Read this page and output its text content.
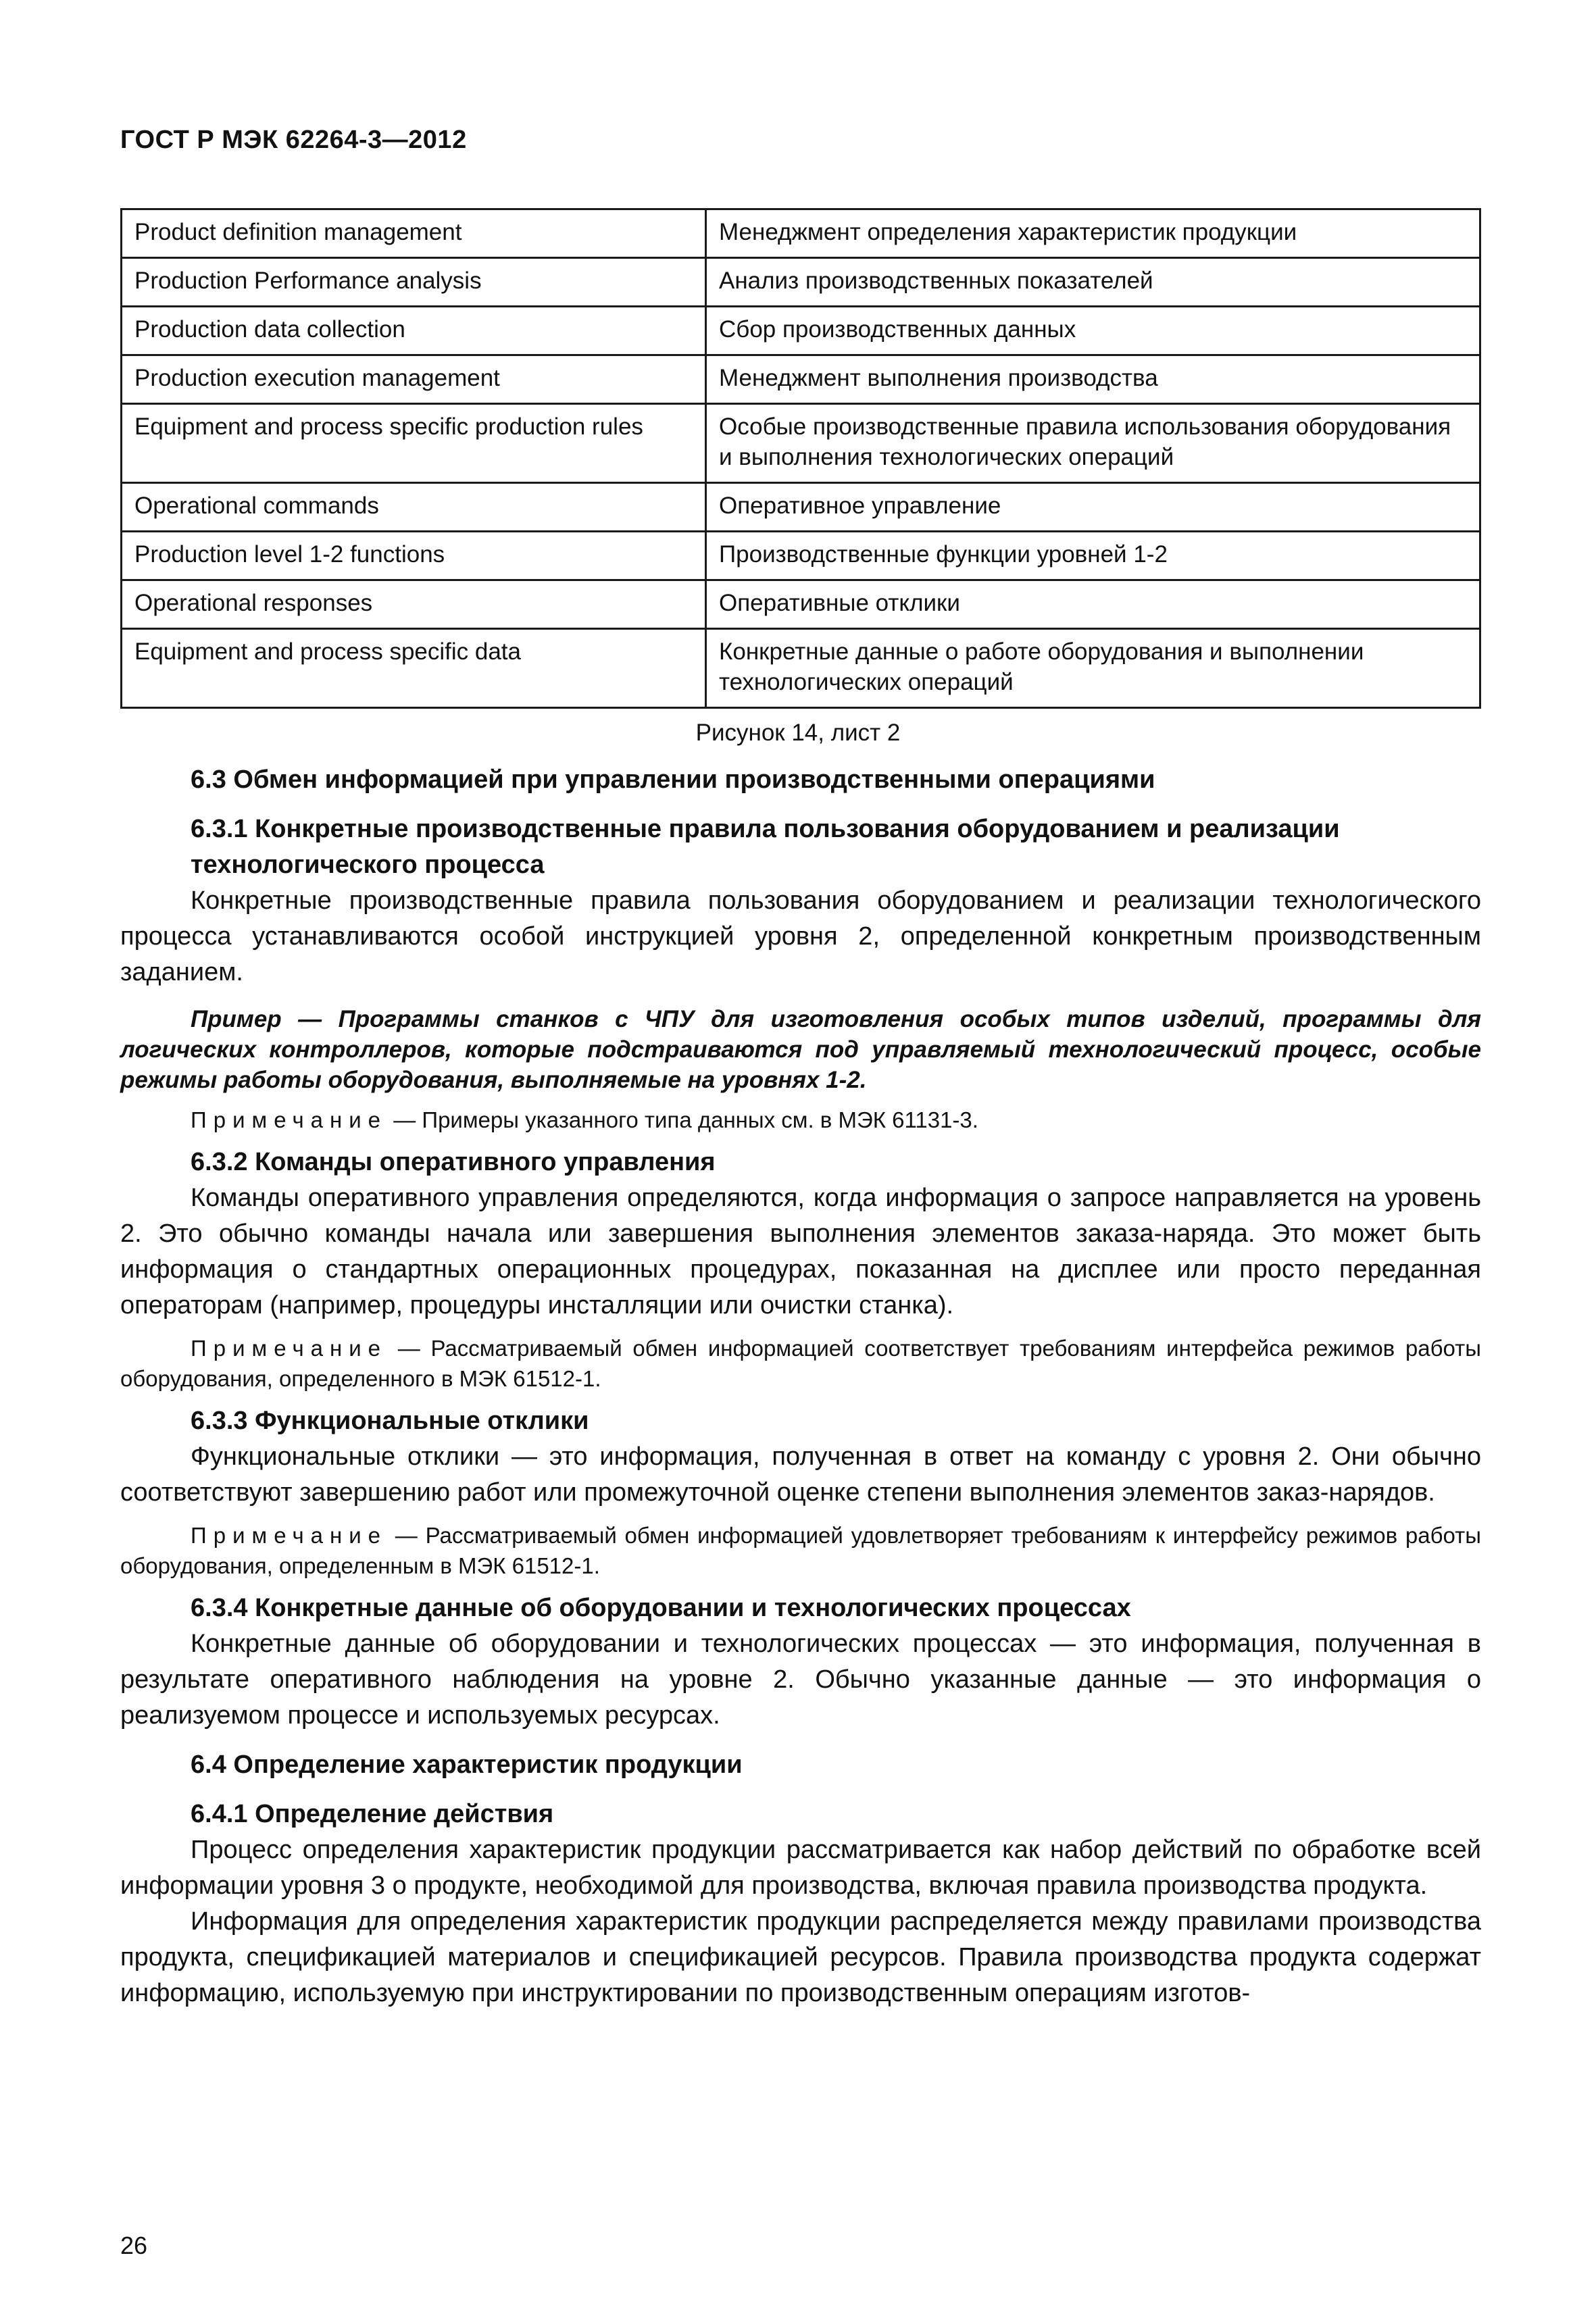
ГОСТ Р МЭК 62264-3—2012
Product definition management	Менеджмент определения характеристик продукции
Production Performance analysis	Анализ производственных показателей
Production data collection	Сбор производственных данных
Production execution management	Менеджмент выполнения производства
Equipment and process specific production rules	Особые производственные правила использования оборудования и выполнения технологических операций
Operational commands	Оперативное управление
Production level 1-2 functions	Производственные функции уровней 1-2
Operational responses	Оперативные отклики
Equipment and process specific data	Конкретные данные о работе оборудования и выполнении технологических операций
Рисунок 14, лист 2
6.3 Обмен информацией при управлении производственными операциями
6.3.1 Конкретные производственные правила пользования оборудованием и реализации технологического процесса

Конкретные производственные правила пользования оборудованием и реализации технологического процесса устанавливаются особой инструкцией уровня 2, определенной конкретным производственным заданием.

Пример — Программы станков с ЧПУ для изготовления особых типов изделий, программы для логических контроллеров, которые подстраиваются под управляемый технологический процесс, особые режимы работы оборудования, выполняемые на уровнях 1-2.
Примечание — Примеры указанного типа данных см. в МЭК 61131-3.
6.3.2 Команды оперативного управления

Команды оперативного управления определяются, когда информация о запросе направляется на уровень 2. Это обычно команды начала или завершения выполнения элементов заказа-наряда. Это может быть информация о стандартных операционных процедурах, показанная на дисплее или просто переданная операторам (например, процедуры инсталляции или очистки станка).

Примечание — Рассматриваемый обмен информацией соответствует требованиям интерфейса режимов работы оборудования, определенного в МЭК 61512-1.
6.3.3 Функциональные отклики

Функциональные отклики — это информация, полученная в ответ на команду с уровня 2. Они обычно соответствуют завершению работ или промежуточной оценке степени выполнения элементов заказ-нарядов.

Примечание — Рассматриваемый обмен информацией удовлетворяет требованиям к интерфейсу режимов работы оборудования, определенным в МЭК 61512-1.
6.3.4 Конкретные данные об оборудовании и технологических процессах

Конкретные данные об оборудовании и технологических процессах — это информация, полученная в результате оперативного наблюдения на уровне 2. Обычно указанные данные — это информация о реализуемом процессе и используемых ресурсах.

6.4 Определение характеристик продукции
6.4.1 Определение действия

Процесс определения характеристик продукции рассматривается как набор действий по обработке всей информации уровня 3 о продукте, необходимой для производства, включая правила производства продукта.

Информация для определения характеристик продукции распределяется между правилами производства продукта, спецификацией материалов и спецификацией ресурсов. Правила производства продукта содержат информацию, используемую при инструктировании по производственным операциям изготов-

26
